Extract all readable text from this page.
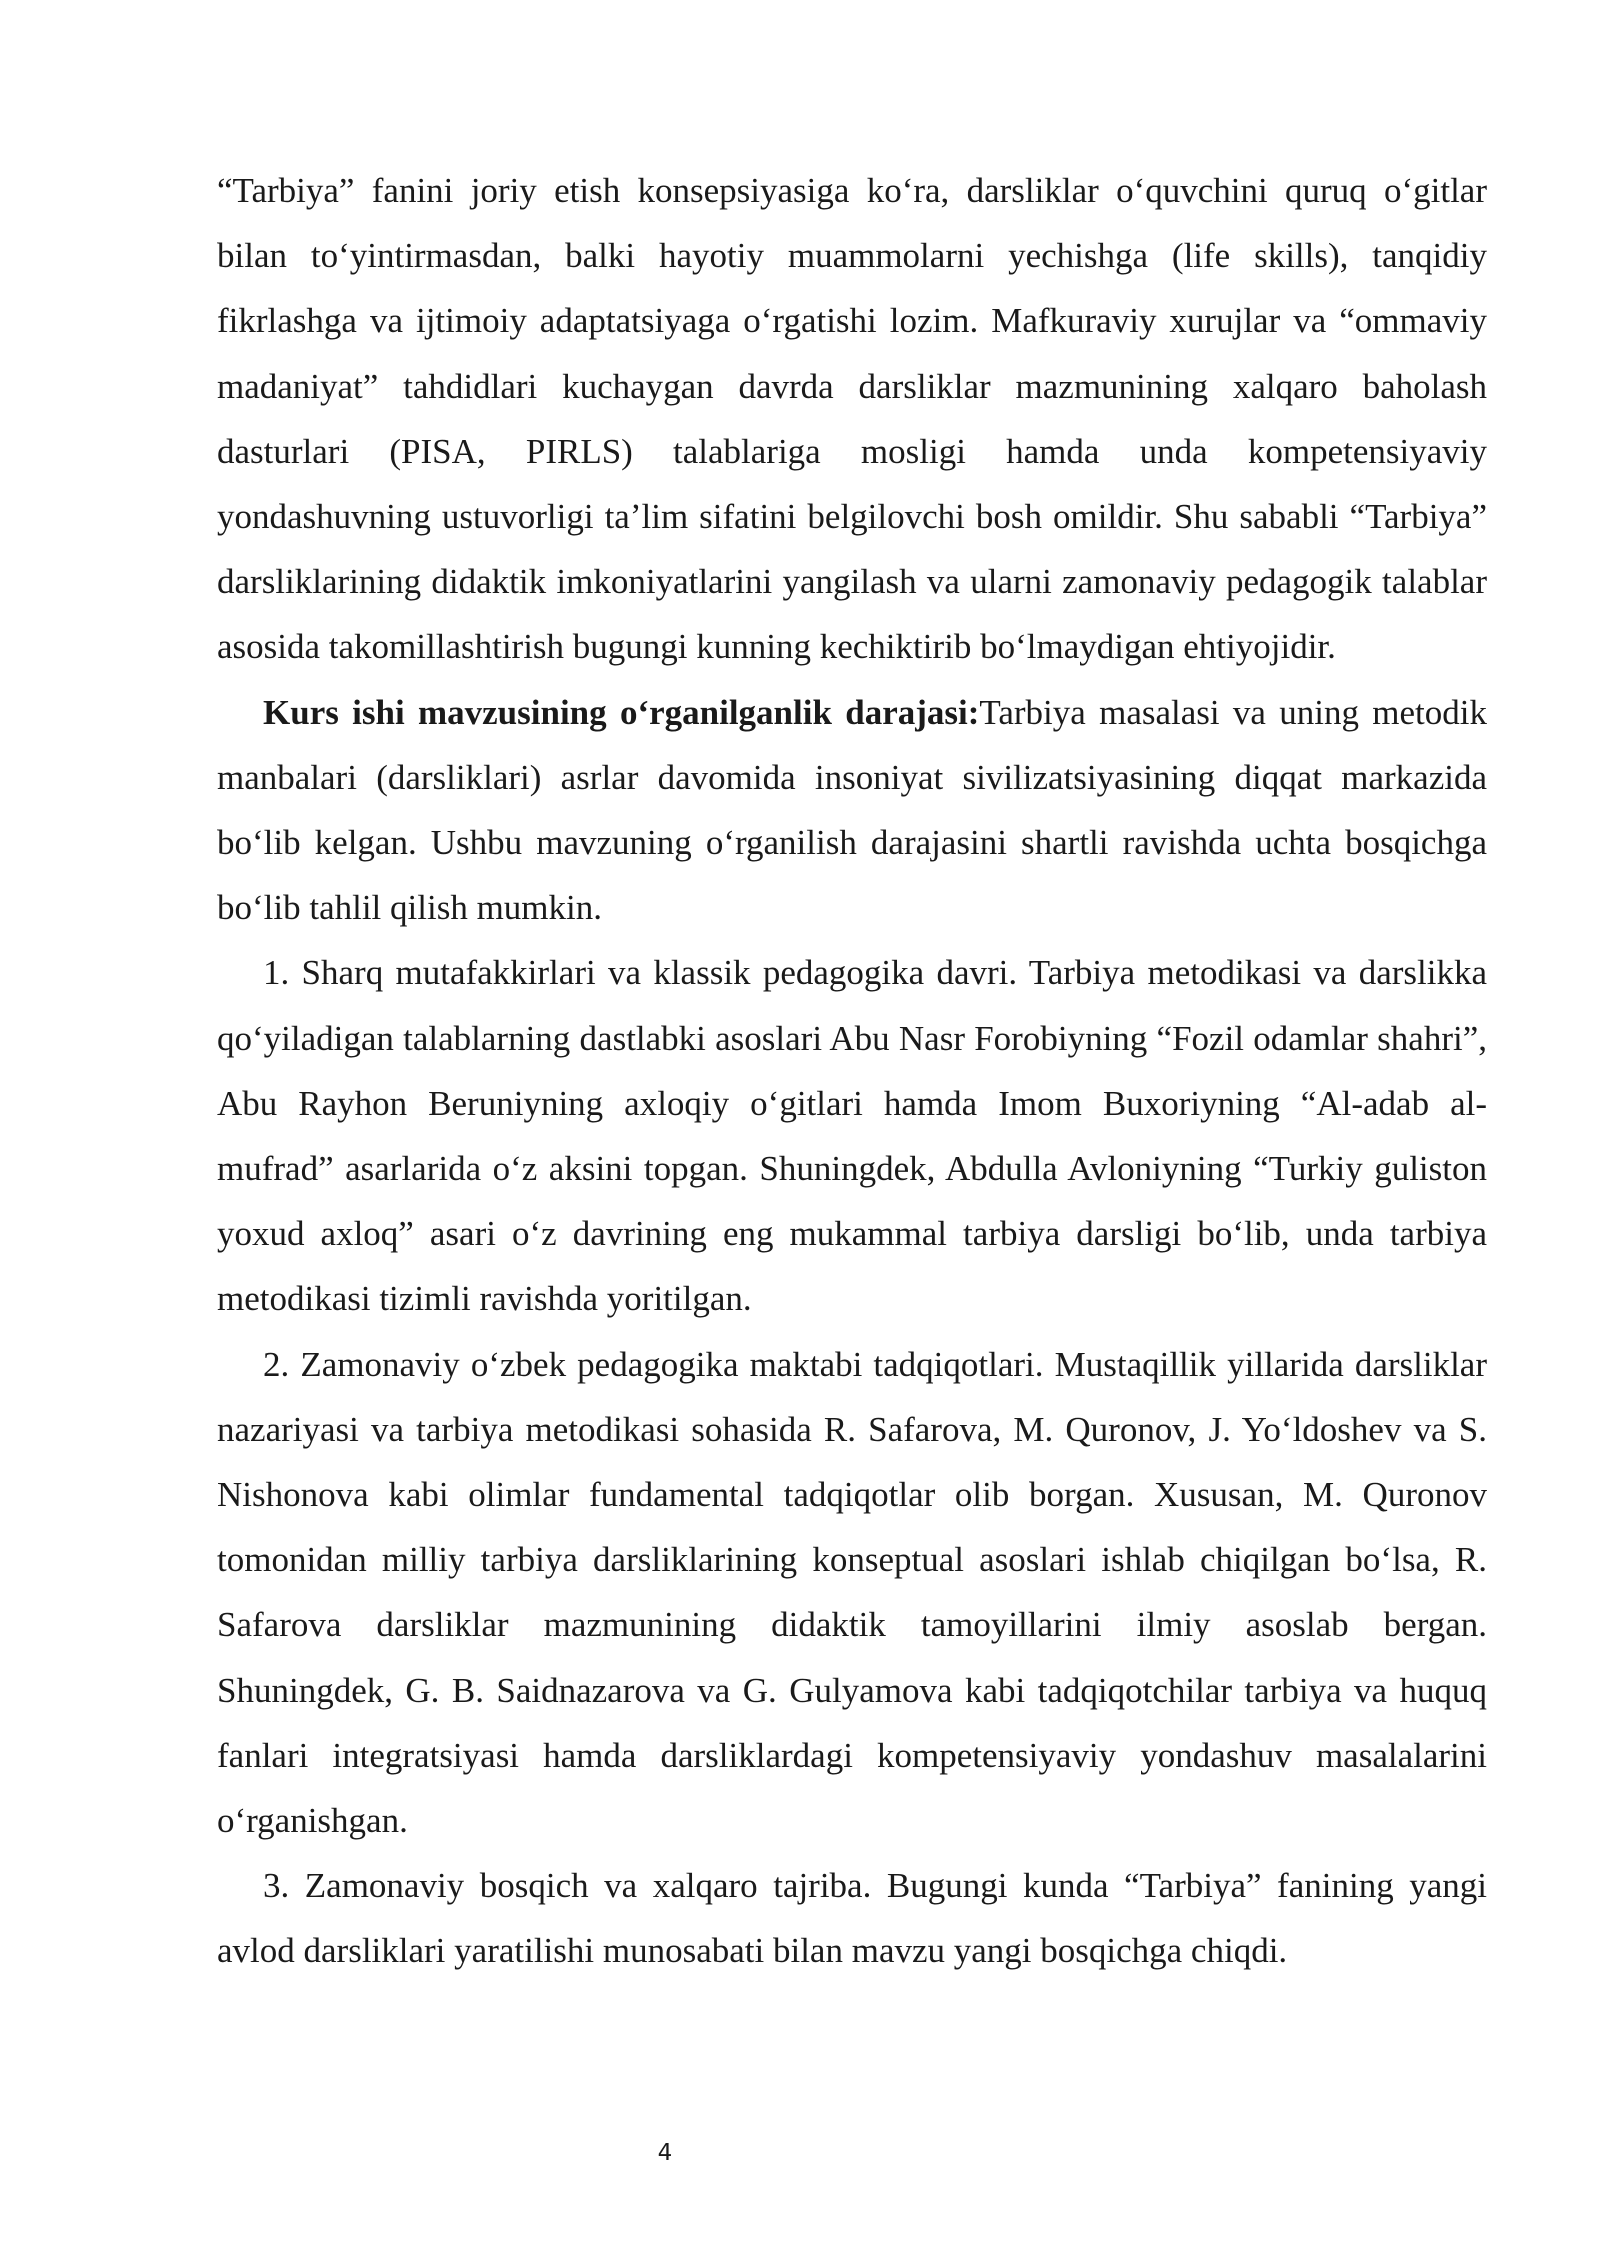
“Tarbiya” fanini joriy etish konsepsiyasiga koʻra, darsliklar oʻquvchini quruq oʻgitlar bilan toʻyintirmasdan, balki hayotiy muammolarni yechishga (life skills), tanqidiy fikrlashga va ijtimoiy adaptatsiyaga oʻrgatishi lozim. Mafkuraviy xurujlar va “ommaviy madaniyat” tahdidlari kuchaygan davrda darsliklar mazmunining xalqaro baholash dasturlari (PISA, PIRLS) talablariga mosligi hamda unda kompetensiyaviy yondashuvning ustuvorligi taʼlim sifatini belgilovchi bosh omildir. Shu sababli “Tarbiya” darsliklarining didaktik imkoniyatlarini yangilash va ularni zamonaviy pedagogik talablar asosida takomillashtirish bugungi kunning kechiktirib boʻlmaydigan ehtiyojidir.

Kurs ishi mavzusining oʻrganilganlik darajasi:Tarbiya masalasi va uning metodik manbalari (darsliklari) asrlar davomida insoniyat sivilizatsiyasining diqqat markazida boʻlib kelgan. Ushbu mavzuning oʻrganilish darajasini shartli ravishda uchta bosqichga boʻlib tahlil qilish mumkin.

1. Sharq mutafakkirlari va klassik pedagogika davri. Tarbiya metodikasi va darslikka qoʻyiladigan talablarning dastlabki asoslari Abu Nasr Forobiyning “Fozil odamlar shahri”, Abu Rayhon Beruniyning axloqiy oʻgitlari hamda Imom Buxoriyning “Al-adab al-mufrad” asarlarida oʻz aksini topgan. Shuningdek, Abdulla Avloniyning “Turkiy guliston yoxud axloq” asari oʻz davrining eng mukammal tarbiya darsligi boʻlib, unda tarbiya metodikasi tizimli ravishda yoritilgan.

2. Zamonaviy oʻzbek pedagogika maktabi tadqiqotlari. Mustaqillik yillarida darsliklar nazariyasi va tarbiya metodikasi sohasida R. Safarova, M. Quronov, J. Yoʻldoshev va S. Nishonova kabi olimlar fundamental tadqiqotlar olib borgan. Xususan, M. Quronov tomonidan milliy tarbiya darsliklarining konseptual asoslari ishlab chiqilgan boʻlsa, R. Safarova darsliklar mazmunining didaktik tamoyillarini ilmiy asoslab bergan. Shuningdek, G. B. Saidnazarova va G. Gulyamova kabi tadqiqotchilar tarbiya va huquq fanlari integratsiyasi hamda darsliklardagi kompetensiyaviy yondashuv masalalarini oʻrganishgan.

3. Zamonaviy bosqich va xalqaro tajriba. Bugungi kunda “Tarbiya” fanining yangi avlod darsliklari yaratilishi munosabati bilan mavzu yangi bosqichga chiqdi.

4
